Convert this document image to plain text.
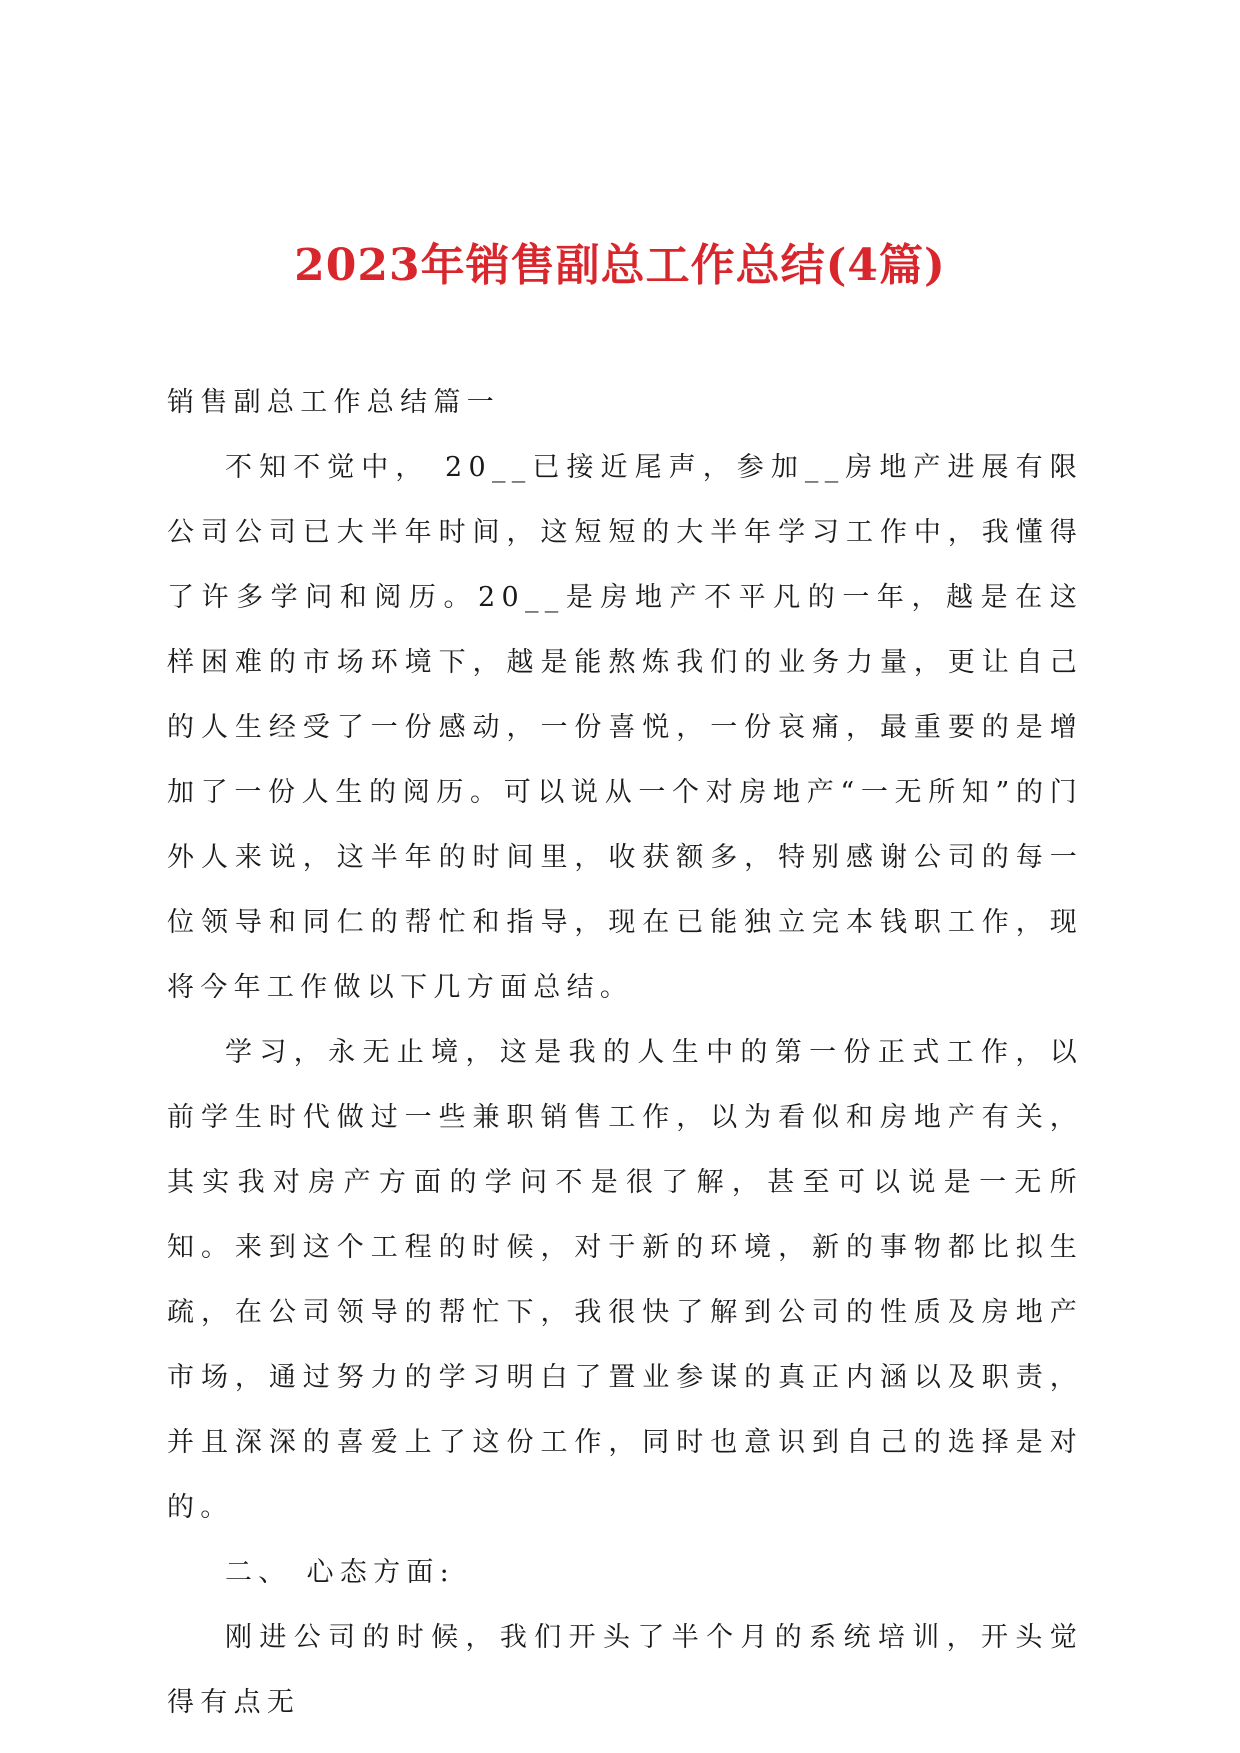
2023年销售副总工作总结(4篇)

销售副总工作总结篇一

不知不觉中， 20__已接近尾声，参加__房地产进展有限公司公司已大半年时间，这短短的大半年学习工作中，我懂得了许多学问和阅历。20__是房地产不平凡的一年，越是在这样困难的市场环境下，越是能熬炼我们的业务力量，更让自己的人生经受了一份感动，一份喜悦，一份哀痛，最重要的是增加了一份人生的阅历。可以说从一个对房地产“一无所知”的门外人来说，这半年的时间里，收获额多，特别感谢公司的每一位领导和同仁的帮忙和指导，现在已能独立完本钱职工作，现将今年工作做以下几方面总结。

学习，永无止境，这是我的人生中的第一份正式工作，以前学生时代做过一些兼职销售工作，以为看似和房地产有关，其实我对房产方面的学问不是很了解，甚至可以说是一无所知。来到这个工程的时候，对于新的环境，新的事物都比拟生疏，在公司领导的帮忙下，我很快了解到公司的性质及房地产市场，通过努力的学习明白了置业参谋的真正内涵以及职责，并且深深的喜爱上了这份工作，同时也意识到自己的选择是对的。

二、 心态方面:

刚进公司的时候，我们开头了半个月的系统培训，开头觉得有点无
